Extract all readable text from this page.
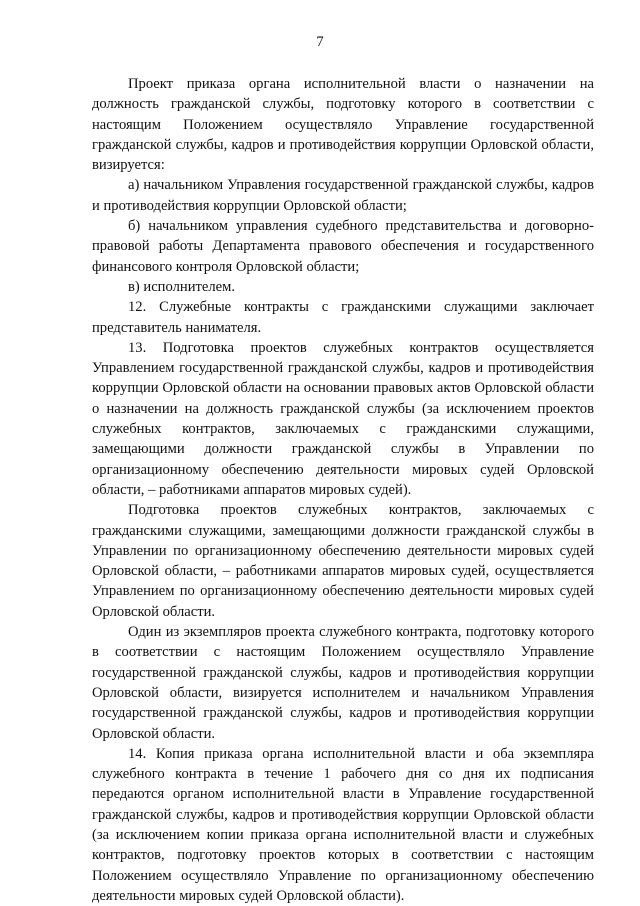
7

Проект приказа органа исполнительной власти о назначении на должность гражданской службы, подготовку которого в соответствии с настоящим Положением осуществляло Управление государственной гражданской службы, кадров и противодействия коррупции Орловской области, визируется:

а) начальником Управления государственной гражданской службы, кадров и противодействия коррупции Орловской области;

б) начальником управления судебного представительства и договорно-правовой работы Департамента правового обеспечения и государственного финансового контроля Орловской области;

в) исполнителем.

12. Служебные контракты с гражданскими служащими заключает представитель нанимателя.

13. Подготовка проектов служебных контрактов осуществляется Управлением государственной гражданской службы, кадров и противодействия коррупции Орловской области на основании правовых актов Орловской области о назначении на должность гражданской службы (за исключением проектов служебных контрактов, заключаемых с гражданскими служащими, замещающими должности гражданской службы в Управлении по организационному обеспечению деятельности мировых судей Орловской области, – работниками аппаратов мировых судей).

Подготовка проектов служебных контрактов, заключаемых с гражданскими служащими, замещающими должности гражданской службы в Управлении по организационному обеспечению деятельности мировых судей Орловской области, – работниками аппаратов мировых судей, осуществляется Управлением по организационному обеспечению деятельности мировых судей Орловской области.

Один из экземпляров проекта служебного контракта, подготовку которого в соответствии с настоящим Положением осуществляло Управление государственной гражданской службы, кадров и противодействия коррупции Орловской области, визируется исполнителем и начальником Управления государственной гражданской службы, кадров и противодействия коррупции Орловской области.

14. Копия приказа органа исполнительной власти и оба экземпляра служебного контракта в течение 1 рабочего дня со дня их подписания передаются органом исполнительной власти в Управление государственной гражданской службы, кадров и противодействия коррупции Орловской области (за исключением копии приказа органа исполнительной власти и служебных контрактов, подготовку проектов которых в соответствии с настоящим Положением осуществляло Управление по организационному обеспечению деятельности мировых судей Орловской области).
